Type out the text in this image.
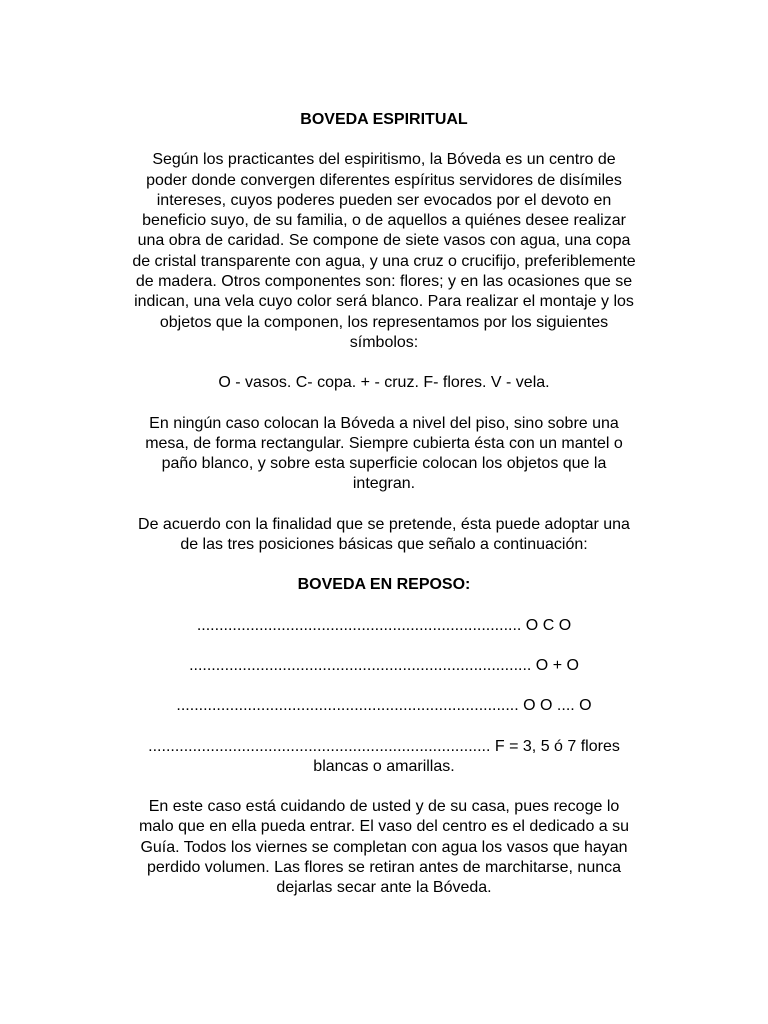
BOVEDA ESPIRITUAL

Según los practicantes del espiritismo, la Bóveda es un centro de

poder donde convergen diferentes espíritus servidores de disímiles

intereses, cuyos poderes pueden ser evocados por el devoto en

beneficio suyo, de su familia, o de aquellos a quiénes desee realizar

una obra de caridad. Se compone de siete vasos con agua, una copa

de cristal transparente con agua, y una cruz o crucifijo, preferiblemente

de madera. Otros componentes son: flores; y en las ocasiones que se

indican, una vela cuyo color será blanco. Para realizar el montaje y los

objetos que la componen, los representamos por los siguientes

símbolos:

O - vasos. C- copa. + - cruz. F- flores. V - vela.

En ningún caso colocan la Bóveda a nivel del piso, sino sobre una

mesa, de forma rectangular. Siempre cubierta ésta con un mantel o

paño blanco, y sobre esta superficie colocan los objetos que la

integran.

De acuerdo con la finalidad que se pretende, ésta puede adoptar una

de las tres posiciones básicas que señalo a continuación:

BOVEDA EN REPOSO:

......................................................................... O C O

............................................................................. O + O

............................................................................. O O .... O

............................................................................. F = 3, 5 ó 7 flores

blancas o amarillas.

En este caso está cuidando de usted y de su casa, pues recoge lo

malo que en ella pueda entrar. El vaso del centro es el dedicado a su

Guía. Todos los viernes se completan con agua los vasos que hayan

perdido volumen. Las flores se retiran antes de marchitarse, nunca

dejarlas secar ante la Bóveda.
